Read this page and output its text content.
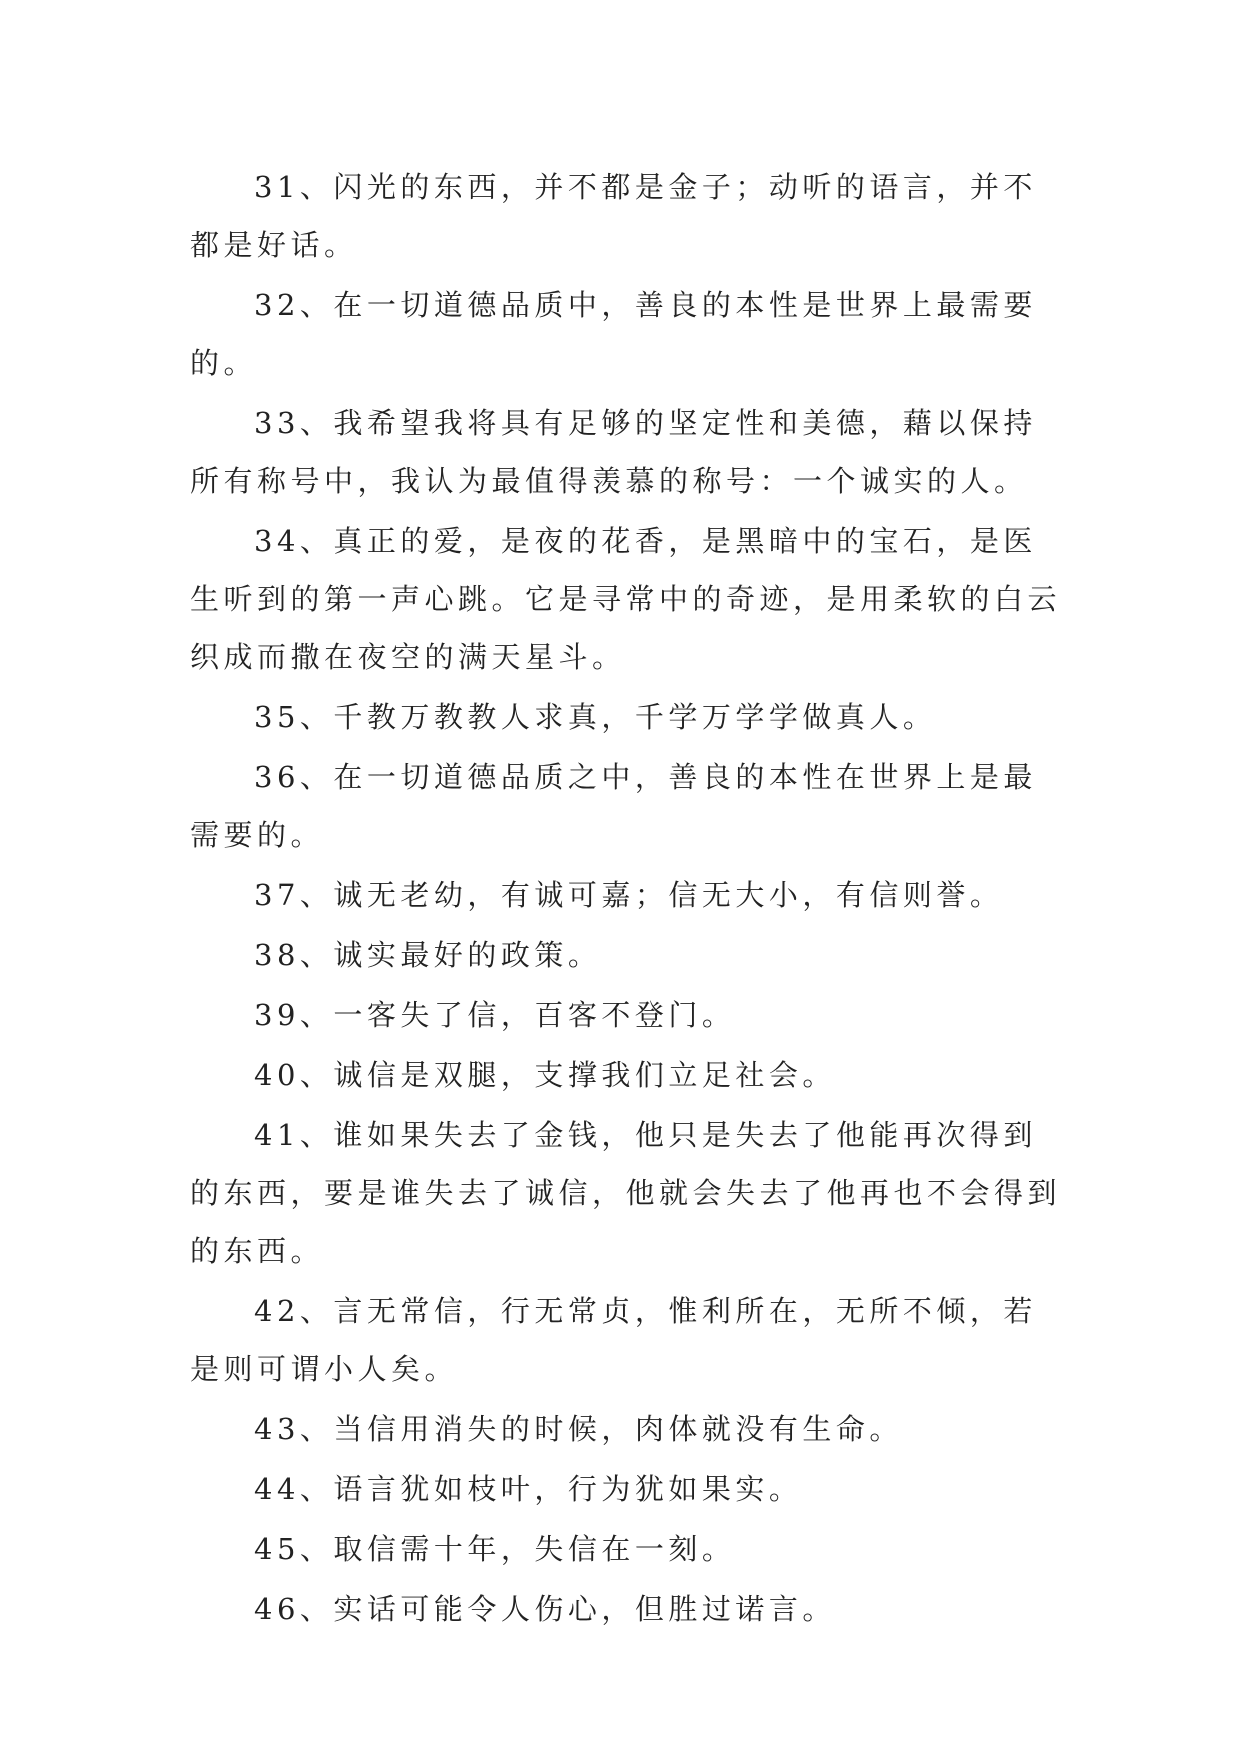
31、闪光的东西，并不都是金子；动听的语言，并不都是好话。

32、在一切道德品质中，善良的本性是世界上最需要的。

33、我希望我将具有足够的坚定性和美德，藉以保持所有称号中，我认为最值得羡慕的称号：一个诚实的人。

34、真正的爱，是夜的花香，是黑暗中的宝石，是医生听到的第一声心跳。它是寻常中的奇迹，是用柔软的白云织成而撒在夜空的满天星斗。

35、千教万教教人求真，千学万学学做真人。

36、在一切道德品质之中，善良的本性在世界上是最需要的。

37、诚无老幼，有诚可嘉；信无大小，有信则誉。

38、诚实最好的政策。

39、一客失了信，百客不登门。

40、诚信是双腿，支撑我们立足社会。

41、谁如果失去了金钱，他只是失去了他能再次得到的东西，要是谁失去了诚信，他就会失去了他再也不会得到的东西。

42、言无常信，行无常贞，惟利所在，无所不倾，若是则可谓小人矣。

43、当信用消失的时候，肉体就没有生命。

44、语言犹如枝叶，行为犹如果实。

45、取信需十年，失信在一刻。

46、实话可能令人伤心，但胜过诺言。
